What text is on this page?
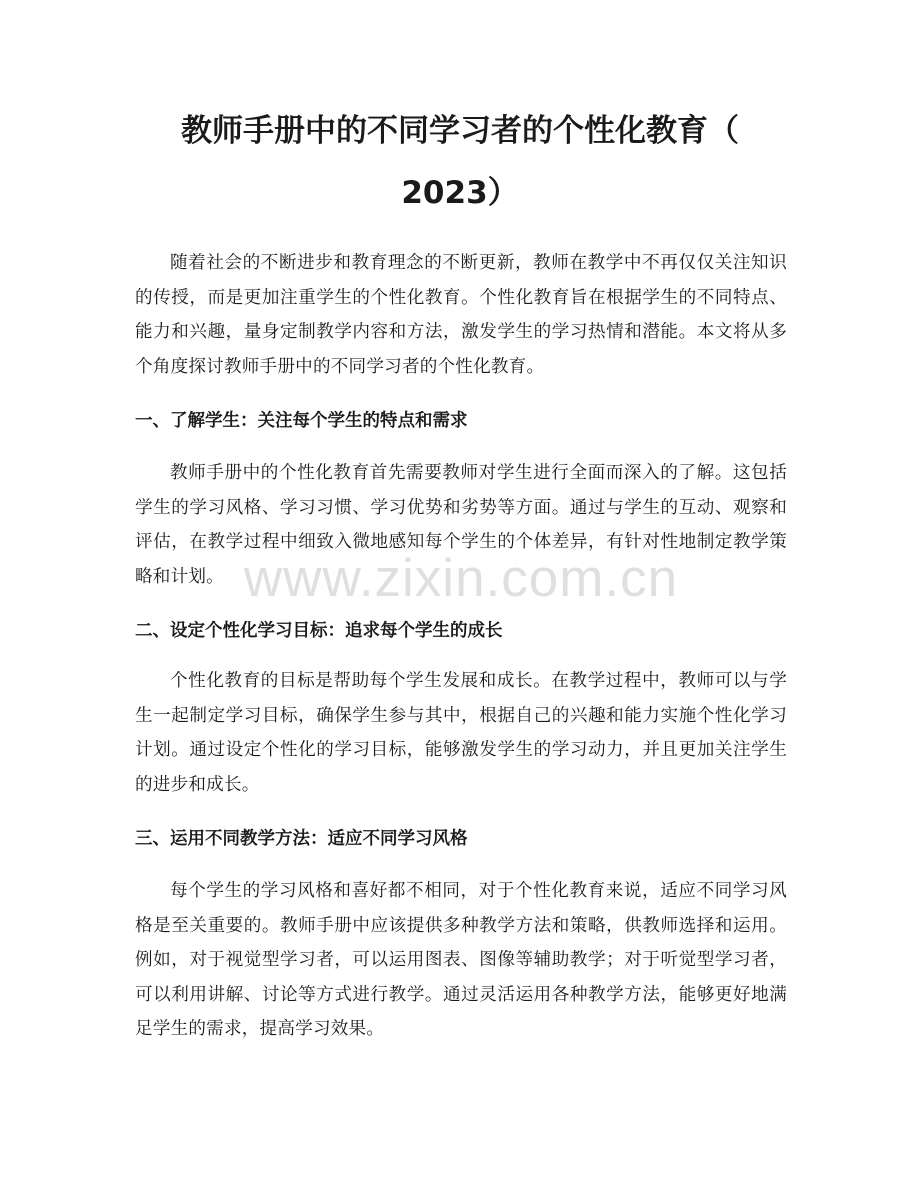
教师手册中的不同学习者的个性化教育（
2023）

随着社会的不断进步和教育理念的不断更新，教师在教学中不再仅仅关注知识的传授，而是更加注重学生的个性化教育。个性化教育旨在根据学生的不同特点、能力和兴趣，量身定制教学内容和方法，激发学生的学习热情和潜能。本文将从多个角度探讨教师手册中的不同学习者的个性化教育。

一、了解学生：关注每个学生的特点和需求

教师手册中的个性化教育首先需要教师对学生进行全面而深入的了解。这包括学生的学习风格、学习习惯、学习优势和劣势等方面。通过与学生的互动、观察和评估，在教学过程中细致入微地感知每个学生的个体差异，有针对性地制定教学策略和计划。

二、设定个性化学习目标：追求每个学生的成长

个性化教育的目标是帮助每个学生发展和成长。在教学过程中，教师可以与学生一起制定学习目标，确保学生参与其中，根据自己的兴趣和能力实施个性化学习计划。通过设定个性化的学习目标，能够激发学生的学习动力，并且更加关注学生的进步和成长。

三、运用不同教学方法：适应不同学习风格

每个学生的学习风格和喜好都不相同，对于个性化教育来说，适应不同学习风格是至关重要的。教师手册中应该提供多种教学方法和策略，供教师选择和运用。例如，对于视觉型学习者，可以运用图表、图像等辅助教学；对于听觉型学习者，可以利用讲解、讨论等方式进行教学。通过灵活运用各种教学方法，能够更好地满足学生的需求，提高学习效果。

www.zixin.com.cn
